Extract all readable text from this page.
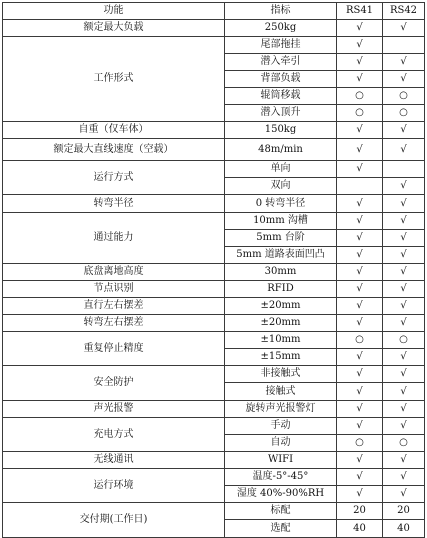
功能	指标	RS41	RS42
额定最大负载	250kg	√	√
工作形式	尾部拖挂	√	
	潜入牵引	√	√
	背部负载	√	√
	辊筒移载	○	○
	潜入顶升	○	○
自重（仅车体）	150kg	√	√
额定最大直线速度（空载）	48m/min	√	√
运行方式	单向	√	
	双向		√
转弯半径	0 转弯半径	√	√
通过能力	10mm 沟槽	√	√
	5mm 台阶	√	√
	5mm 道路表面凹凸	√	√
底盘离地高度	30mm	√	√
节点识别	RFID	√	√
直行左右摆差	±20mm	√	√
转弯左右摆差	±20mm	√	√
重复停止精度	±10mm	○	○
	±15mm	√	√
安全防护	非接触式	√	√
	接触式	√	√
声光报警	旋转声光报警灯	√	√
充电方式	手动	√	√
	自动	○	○
无线通讯	WIFI	√	√
运行环境	温度-5°-45°	√	√
	湿度 40%-90%RH	√	√
交付期(工作日)	标配	20	20
	选配	40	40
